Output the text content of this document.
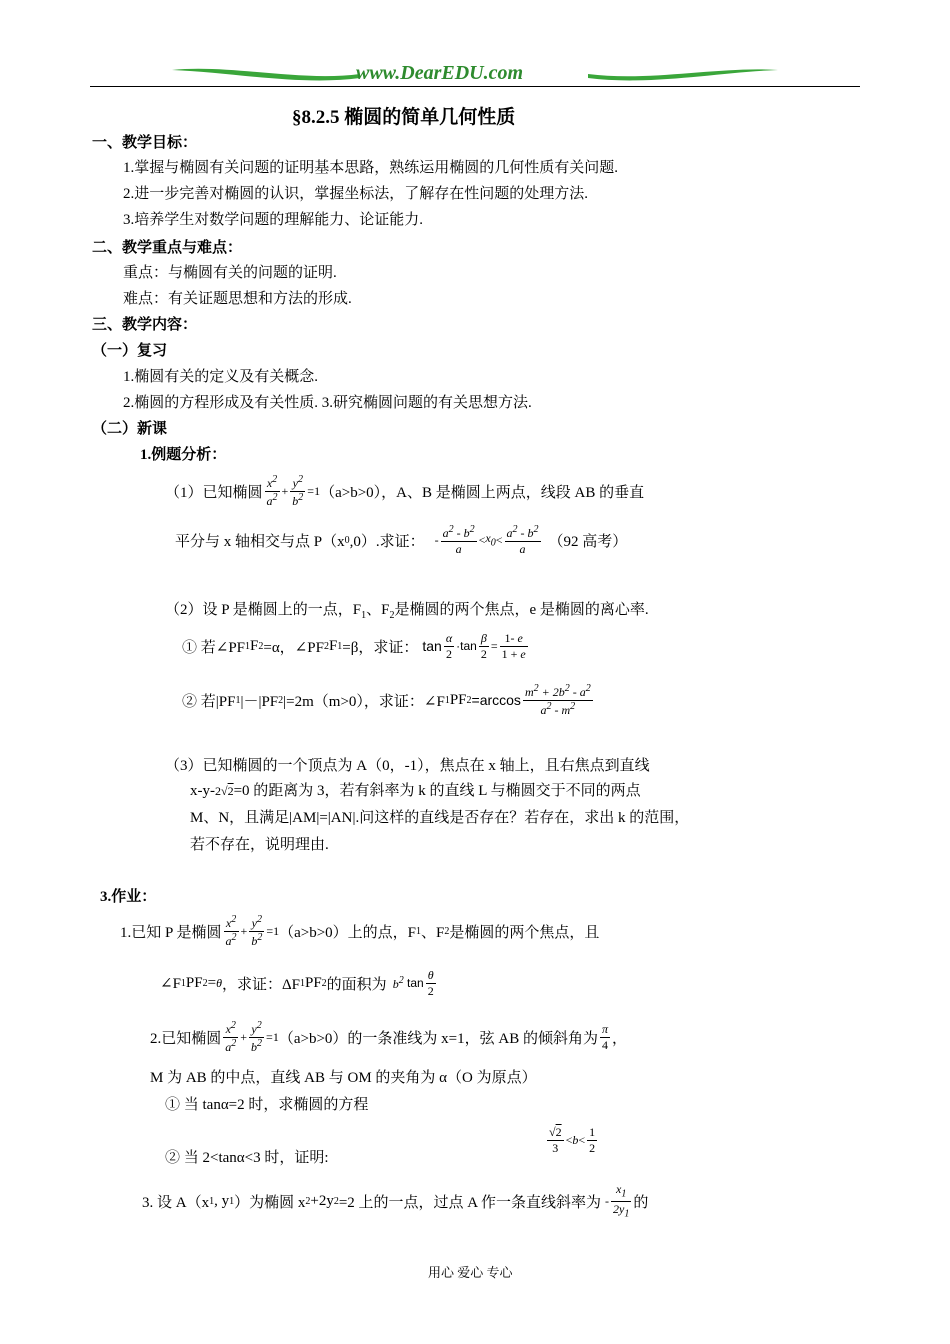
www.DearEDU.com
§8.2.5 椭圆的简单几何性质
一、教学目标：
1.掌握与椭圆有关问题的证明基本思路，熟练运用椭圆的几何性质有关问题.
2.进一步完善对椭圆的认识，掌握坐标法，了解存在性问题的处理方法.
3.培养学生对数学问题的理解能力、论证能力.
二、教学重点与难点：
重点：与椭圆有关的问题的证明.
难点：有关证题思想和方法的形成.
三、教学内容：
（一）复习
1.椭圆有关的定义及有关概念.
2.椭圆的方程形成及有关性质. 3.研究椭圆问题的有关思想方法.
（二）新课
1.例题分析：
（1）已知椭圆 $\frac{x^2}{a^2} + \frac{y^2}{b^2} =1$ （a>b>0），A、B 是椭圆上两点，线段 AB 的垂直
平分与 x 轴相交与点 P（x 0 ,0）.求证： - $\frac{a^2 - b^2}{a} < x_0 < \frac{a^2 - b^2}{a} (92$ 高考）
（2）设 P 是椭圆上的一点，$F_1$、$F_2$是椭圆的两个焦点，e 是椭圆的离心率.
① 若∠PF 1 F 2 =α，∠PF 2 F 1 =β，求证： $\tan \frac{\alpha}{2} \cdot\tan \frac{\beta}{2} = \frac{1- e}{1 + e}$
② 若|PF 1 |－|PF 2 |=2m（m>0），求证：∠F 1 PF $2 =\arccos \frac{m^2 + 2b^2 - a^2}{a^2 - m^2}$
（3）已知椭圆的一个顶点为 A（0，-1），焦点在 x 轴上，且右焦点到直线
x-y-2√2=0 的距离为 3，若有斜率为 k 的直线 L 与椭圆交于不同的两点
M、N，且满足|AM|=|AN|.问这样的直线是否存在？若存在，求出 k 的范围，
若不存在，说明理由.
3.作业：
1.已知 P 是椭圆 $\frac{x^2}{a^2} + \frac{y^2}{b^2} =1$ （a>b>0）上的点，F 1 、F 2 是椭圆的两个焦点，且
∠F 1 PF 2 = θ ，求证：ΔF 1 PF 2 的面积为 $b^2$ $\tan \frac{\theta}{2}$
2.已知椭圆 $\frac{x^2}{a^2} + \frac{y^2}{b^2} =1$ （a>b>0）的一条准线为 x=1，弦 AB 的倾斜角为 $\frac{\pi}{4}$ ，
M 为 AB 的中点，直线 AB 与 OM 的夹角为 α（O 为原点）
① 当 tanα=2 时，求椭圆的方程
② 当 2<tanα<3 时，证明:
$\frac{√2}{3} < b < \frac{1}{2}$
3. 设 A（x 1 , y 1 ）为椭圆 x 2 +2y 2 =2 上的一点，过点 A 作一条直线斜率为 - $\frac{x_1}{2y_1}$ 的
用心 爱心 专心
